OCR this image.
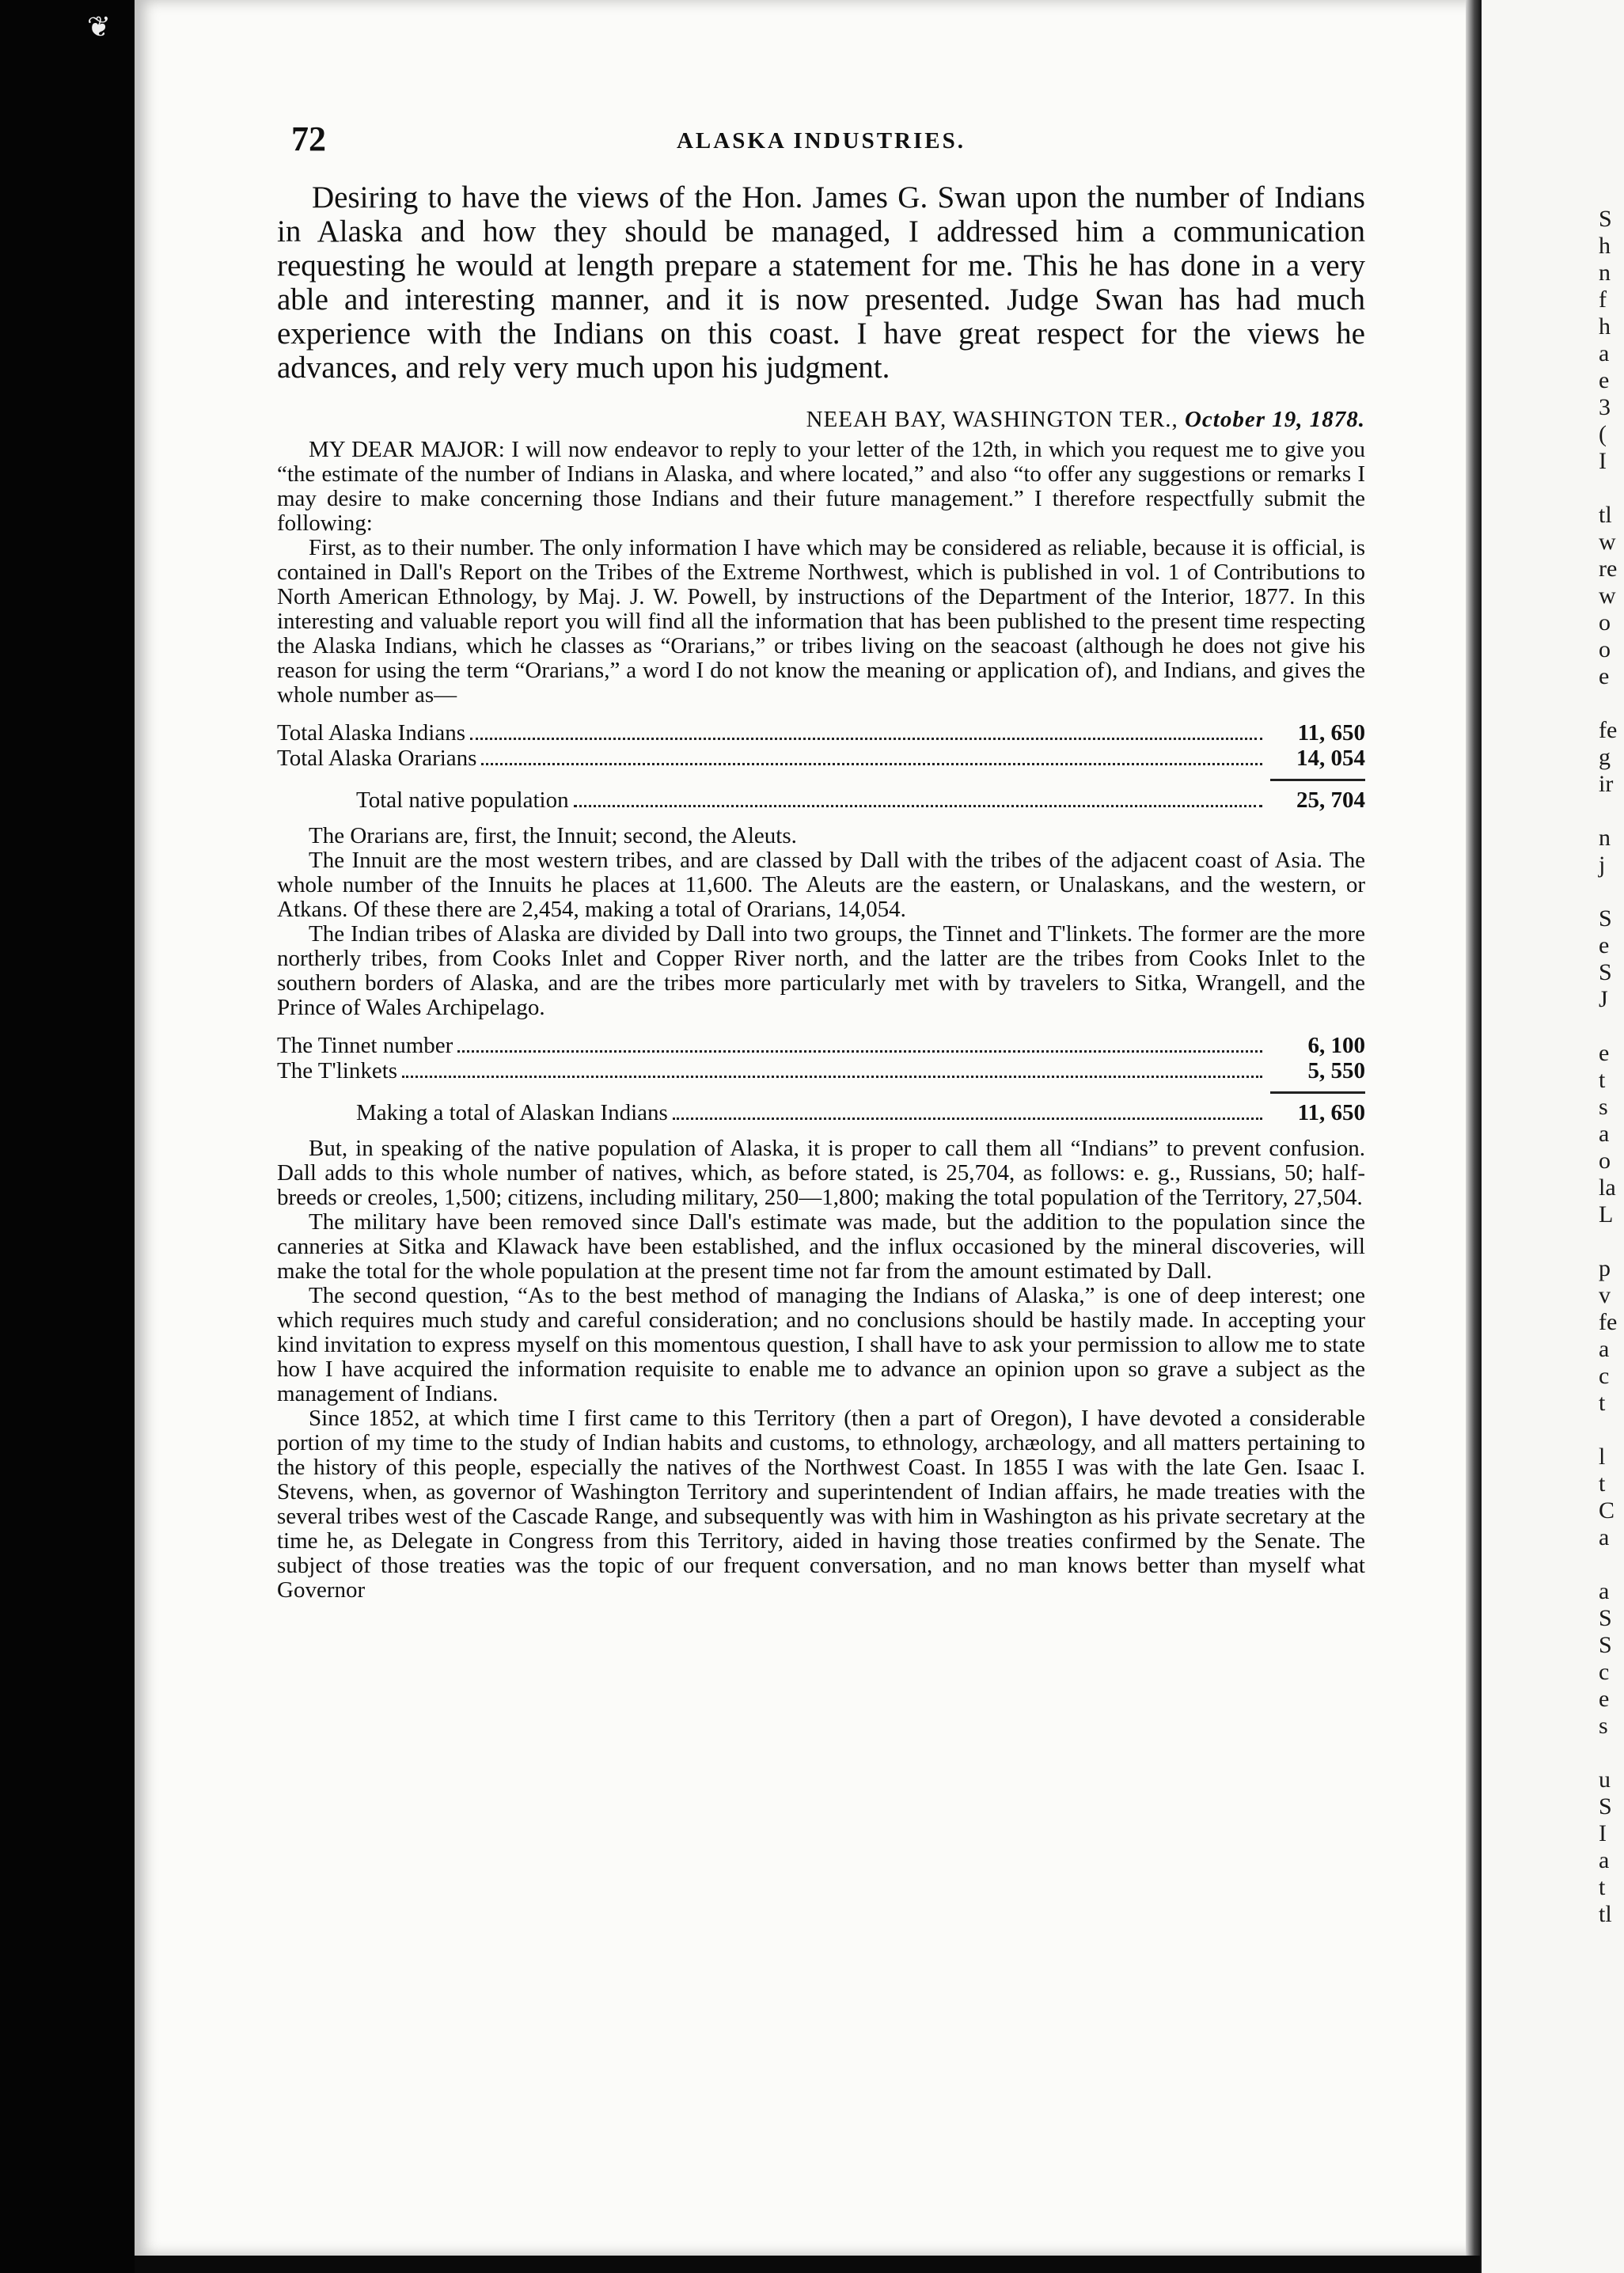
❦
S
h
n
f
h
a
e
3
(
I
tl
w
re
w
o
o
e
fe
g
ir
n
j
S
e
S
J
e
t
s
a
o
la
L
p
v
fe
a
c
t
l
t
C
a
a
S
S
c
e
s
u
S
I
a
t
tl
72	ALASKA INDUSTRIES.

Desiring to have the views of the Hon. James G. Swan upon the number of Indians in Alaska and how they should be managed, I addressed him a communication requesting he would at length prepare a statement for me. This he has done in a very able and interesting manner, and it is now presented. Judge Swan has had much experience with the Indians on this coast. I have great respect for the views he advances, and rely very much upon his judgment.

NEEAH BAY, WASHINGTON TER., October 19, 1878.

MY DEAR MAJOR: I will now endeavor to reply to your letter of the 12th, in which you request me to give you “the estimate of the number of Indians in Alaska, and where located,” and also “to offer any suggestions or remarks I may desire to make concerning those Indians and their future management.” I therefore respectfully submit the following:

First, as to their number. The only information I have which may be considered as reliable, because it is official, is contained in Dall's Report on the Tribes of the Extreme Northwest, which is published in vol. 1 of Contributions to North American Ethnology, by Maj. J. W. Powell, by instructions of the Department of the Interior, 1877. In this interesting and valuable report you will find all the information that has been published to the present time respecting the Alaska Indians, which he classes as “Orarians,” or tribes living on the seacoast (although he does not give his reason for using the term “Orarians,” a word I do not know the meaning or application of), and Indians, and gives the whole number as—

Total Alaska Indians	11, 650
Total Alaska Orarians	14, 054
Total native population	25, 704

The Orarians are, first, the Innuit; second, the Aleuts.

The Innuit are the most western tribes, and are classed by Dall with the tribes of the adjacent coast of Asia. The whole number of the Innuits he places at 11,600. The Aleuts are the eastern, or Unalaskans, and the western, or Atkans. Of these there are 2,454, making a total of Orarians, 14,054.

The Indian tribes of Alaska are divided by Dall into two groups, the Tinnet and T'linkets. The former are the more northerly tribes, from Cooks Inlet and Copper River north, and the latter are the tribes from Cooks Inlet to the southern borders of Alaska, and are the tribes more particularly met with by travelers to Sitka, Wrangell, and the Prince of Wales Archipelago.

The Tinnet number	6, 100
The T'linkets	5, 550
Making a total of Alaskan Indians	11, 650

But, in speaking of the native population of Alaska, it is proper to call them all “Indians” to prevent confusion. Dall adds to this whole number of natives, which, as before stated, is 25,704, as follows: e. g., Russians, 50; half-breeds or creoles, 1,500; citizens, including military, 250—1,800; making the total population of the Territory, 27,504.

The military have been removed since Dall's estimate was made, but the addition to the population since the canneries at Sitka and Klawack have been established, and the influx occasioned by the mineral discoveries, will make the total for the whole population at the present time not far from the amount estimated by Dall.

The second question, “As to the best method of managing the Indians of Alaska,” is one of deep interest; one which requires much study and careful consideration; and no conclusions should be hastily made. In accepting your kind invitation to express myself on this momentous question, I shall have to ask your permission to allow me to state how I have acquired the information requisite to enable me to advance an opinion upon so grave a subject as the management of Indians.

Since 1852, at which time I first came to this Territory (then a part of Oregon), I have devoted a considerable portion of my time to the study of Indian habits and customs, to ethnology, archæology, and all matters pertaining to the history of this people, especially the natives of the Northwest Coast. In 1855 I was with the late Gen. Isaac I. Stevens, when, as governor of Washington Territory and superintendent of Indian affairs, he made treaties with the several tribes west of the Cascade Range, and subsequently was with him in Washington as his private secretary at the time he, as Delegate in Congress from this Territory, aided in having those treaties confirmed by the Senate. The subject of those treaties was the topic of our frequent conversation, and no man knows better than myself what Governor
